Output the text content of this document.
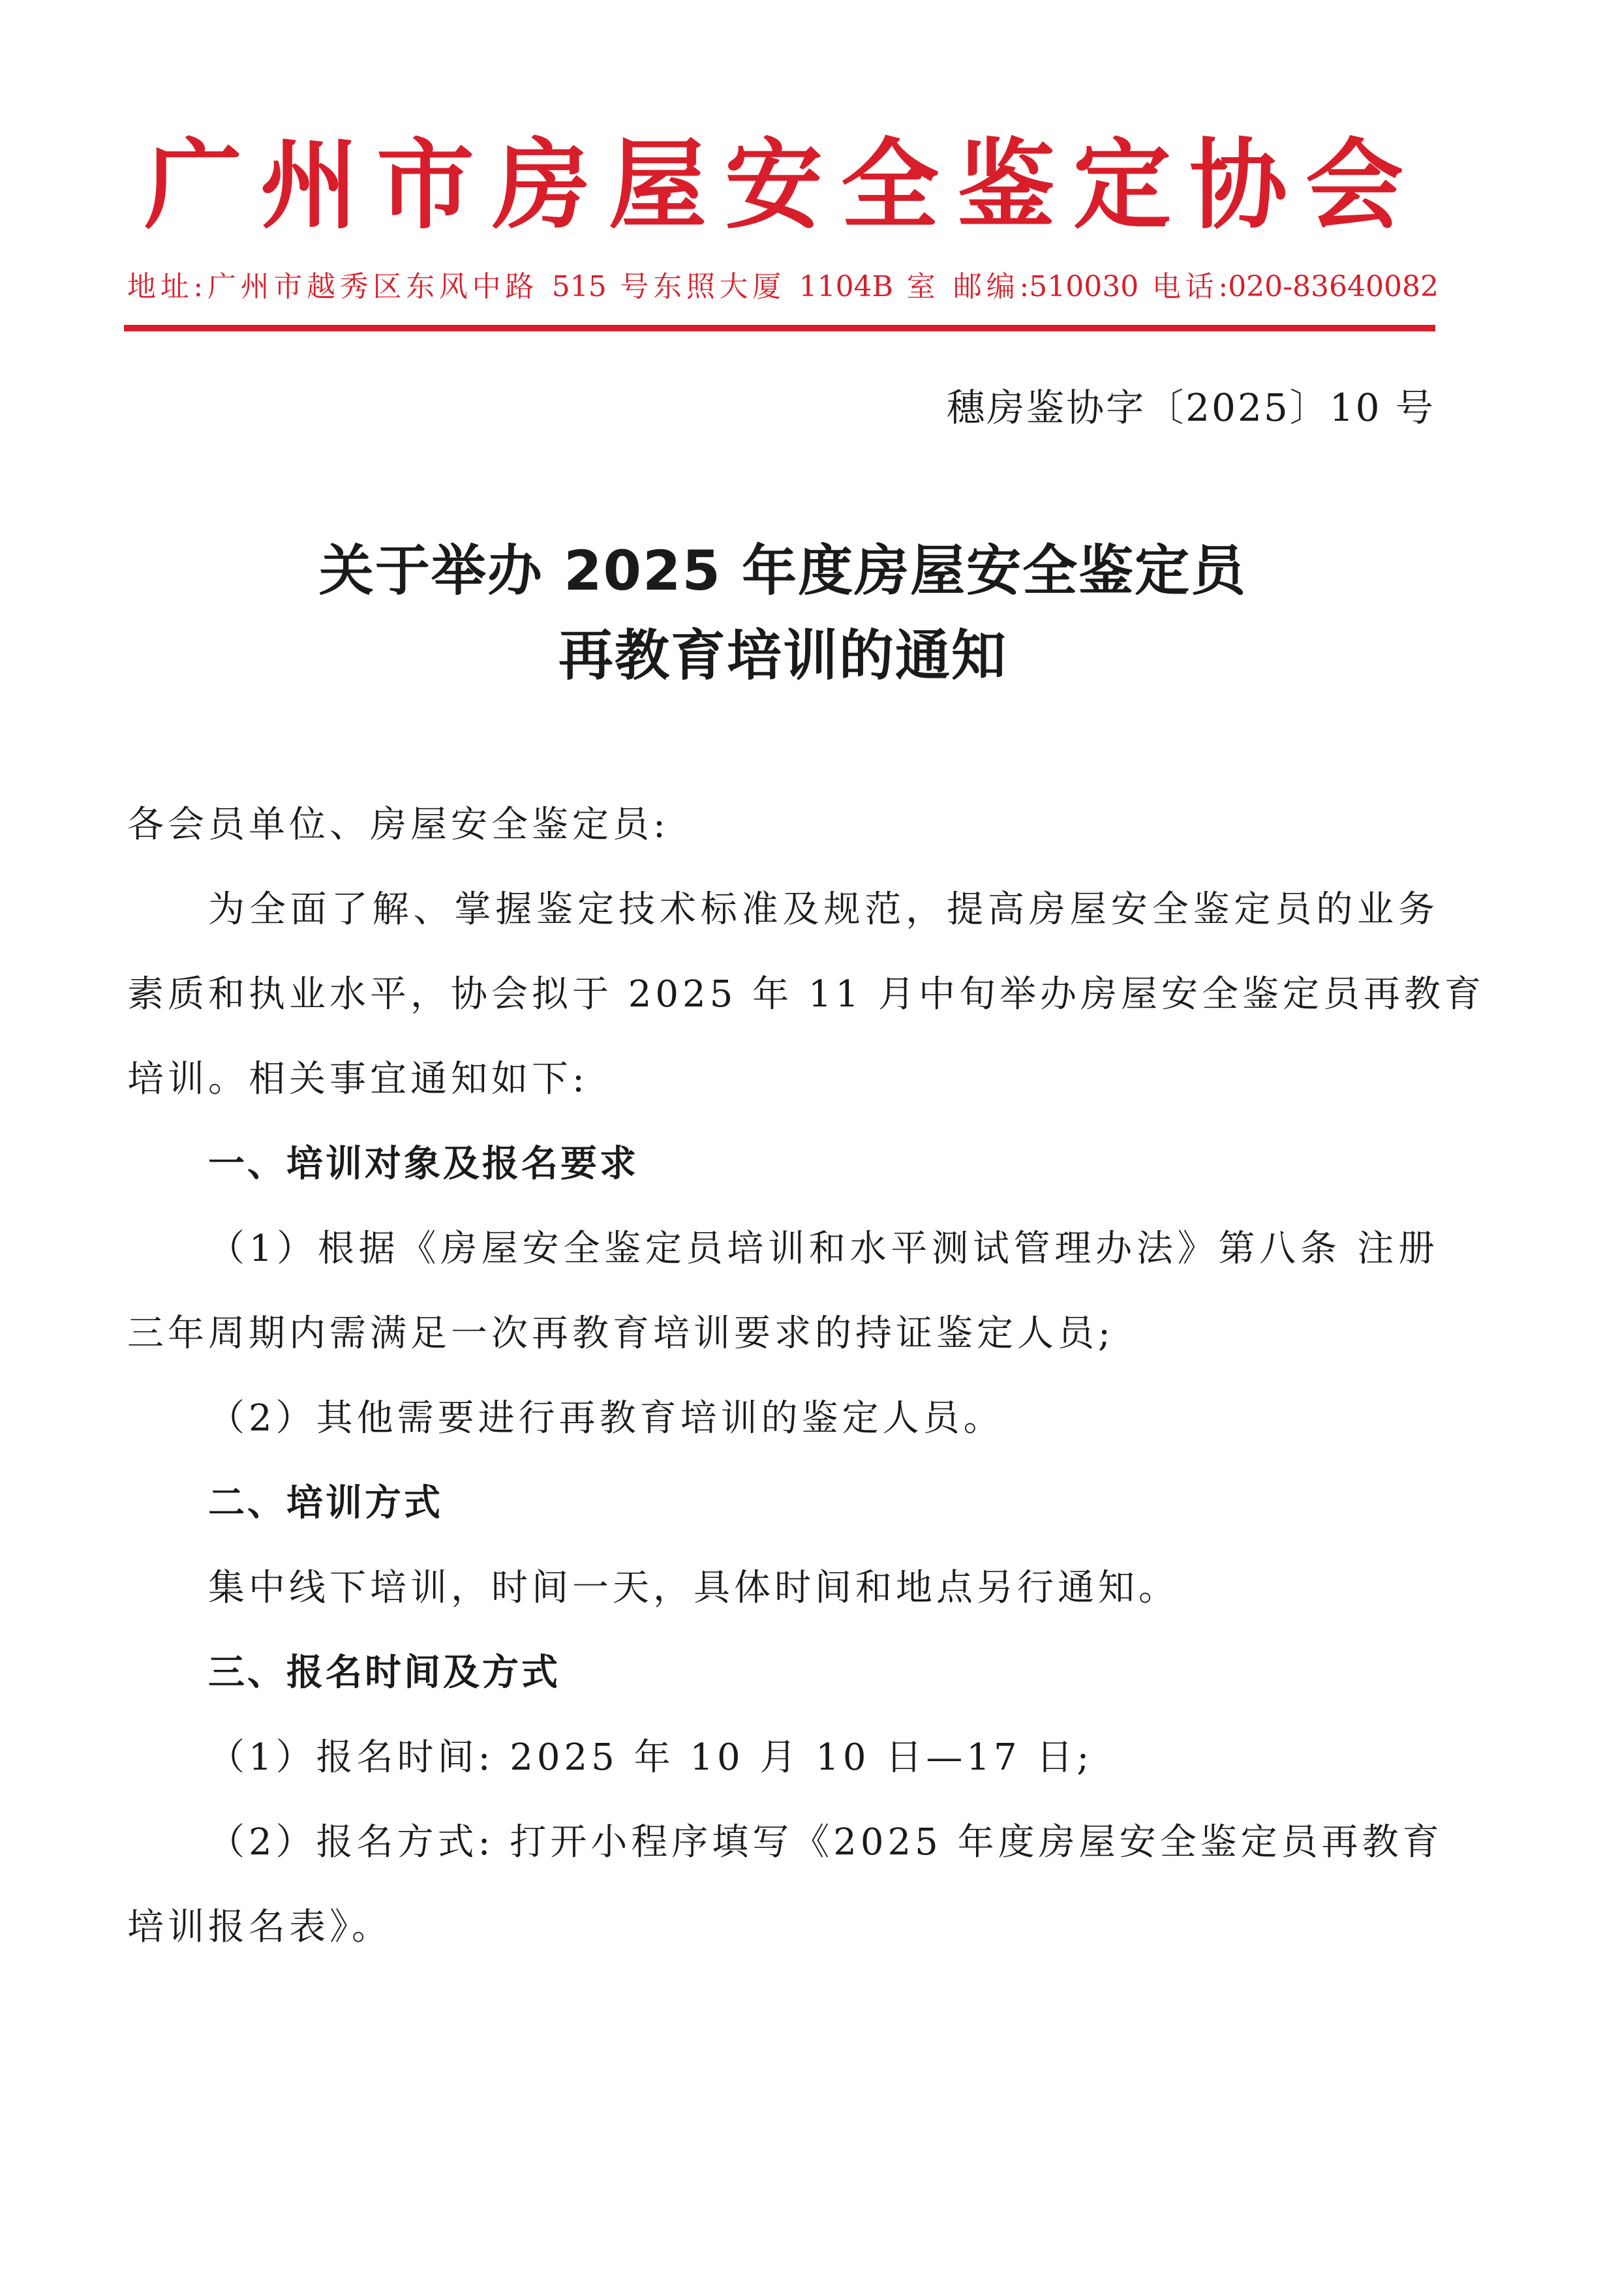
广州市房屋安全鉴定协会
地址:广州市越秀区东风中路 515 号东照大厦 1104B 室 邮编:510030 电话:020-83640082
穗房鉴协字〔2025〕10 号
关于举办 2025 年度房屋安全鉴定员
再教育培训的通知
各会员单位、房屋安全鉴定员:
为全面了解、掌握鉴定技术标准及规范，提高房屋安全鉴定员的业务
素质和执业水平，协会拟于 2025 年 11 月中旬举办房屋安全鉴定员再教育
培训。相关事宜通知如下:
一、培训对象及报名要求
（1）根据《房屋安全鉴定员培训和水平测试管理办法》第八条 注册
三年周期内需满足一次再教育培训要求的持证鉴定人员;
（2）其他需要进行再教育培训的鉴定人员。
二、培训方式
集中线下培训，时间一天，具体时间和地点另行通知。
三、报名时间及方式
（1）报名时间: 2025 年 10 月 10 日—17 日;
（2）报名方式: 打开小程序填写《2025 年度房屋安全鉴定员再教育
培训报名表》。
